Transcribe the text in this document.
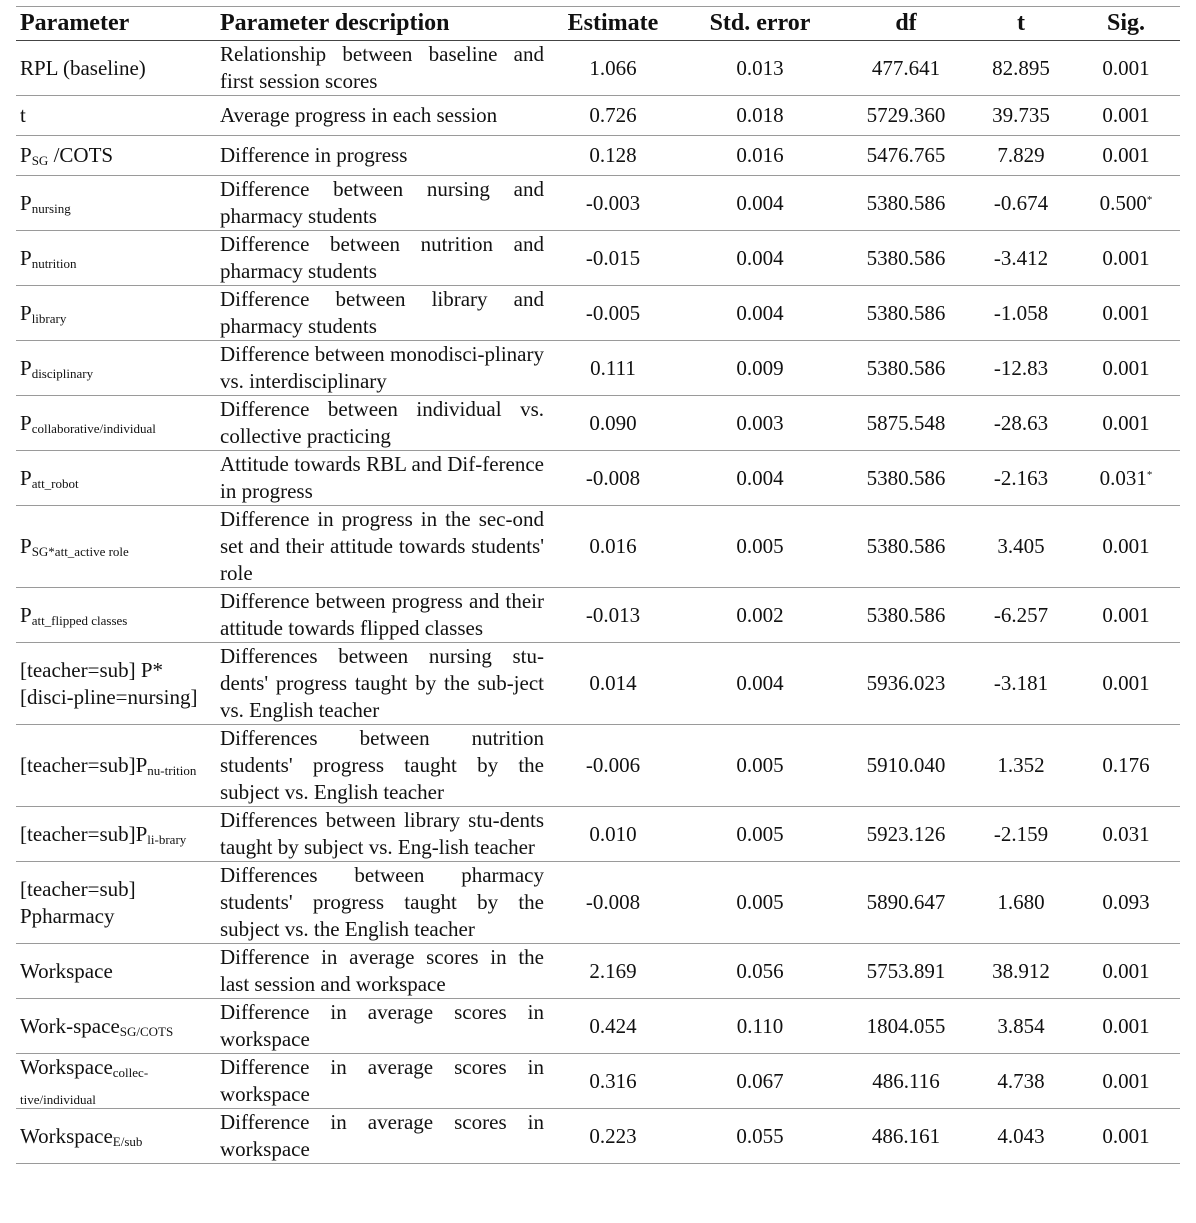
Parameter	Parameter description	Estimate	Std. error	df	t	Sig.
RPL (baseline)	Relationship between baseline and first session scores	1.066	0.013	477.641	82.895	0.001
t	Average progress in each session	0.726	0.018	5729.360	39.735	0.001
$P_{SG}$ /COTS	Difference in progress	0.128	0.016	5476.765	7.829	0.001
$P_{nursing}$	Difference between nursing and pharmacy students	-0.003	0.004	5380.586	-0.674	0.500*
$P_{nutrition}$	Difference between nutrition and pharmacy students	-0.015	0.004	5380.586	-3.412	0.001
$P_{library}$	Difference between library and pharmacy students	-0.005	0.004	5380.586	-1.058	0.001
$P_{disciplinary}$	Difference between monodisci-plinary vs. interdisciplinary	0.111	0.009	5380.586	-12.83	0.001
$P_{collaborative/individual}$	Difference between individual vs. collective practicing	0.090	0.003	5875.548	-28.63	0.001
$P_{att\_robot}$	Attitude towards RBL and Dif-ference in progress	-0.008	0.004	5380.586	-2.163	0.031*
$P_{SG*att\_active role}$	Difference in progress in the sec-ond set and their attitude towards students' role	0.016	0.005	5380.586	3.405	0.001
$P_{att\_flipped classes}$	Difference between progress and their attitude towards flipped classes	-0.013	0.002	5380.586	-6.257	0.001
[teacher=sub] P*[disci-pline=nursing]	Differences between nursing stu-dents' progress taught by the sub-ject vs. English teacher	0.014	0.004	5936.023	-3.181	0.001
$[teacher=sub]P_{nu-trition}$	Differences between nutrition students' progress taught by the subject vs. English teacher	-0.006	0.005	5910.040	1.352	0.176
$[teacher=sub]P_{li-brary}$	Differences between library stu-dents taught by subject vs. Eng-lish teacher	0.010	0.005	5923.126	-2.159	0.031
[teacher=sub] Ppharmacy	Differences between pharmacy students' progress taught by the subject vs. the English teacher	-0.008	0.005	5890.647	1.680	0.093
Workspace	Difference in average scores in the last session and workspace	2.169	0.056	5753.891	38.912	0.001
Work-space$_{SG/COTS}$	Difference in average scores in workspace	0.424	0.110	1804.055	3.854	0.001
Workspace$_{collec-tive/individual}$	Difference in average scores in workspace	0.316	0.067	486.116	4.738	0.001
Workspace$_{E/sub}$	Difference in average scores in workspace	0.223	0.055	486.161	4.043	0.001
